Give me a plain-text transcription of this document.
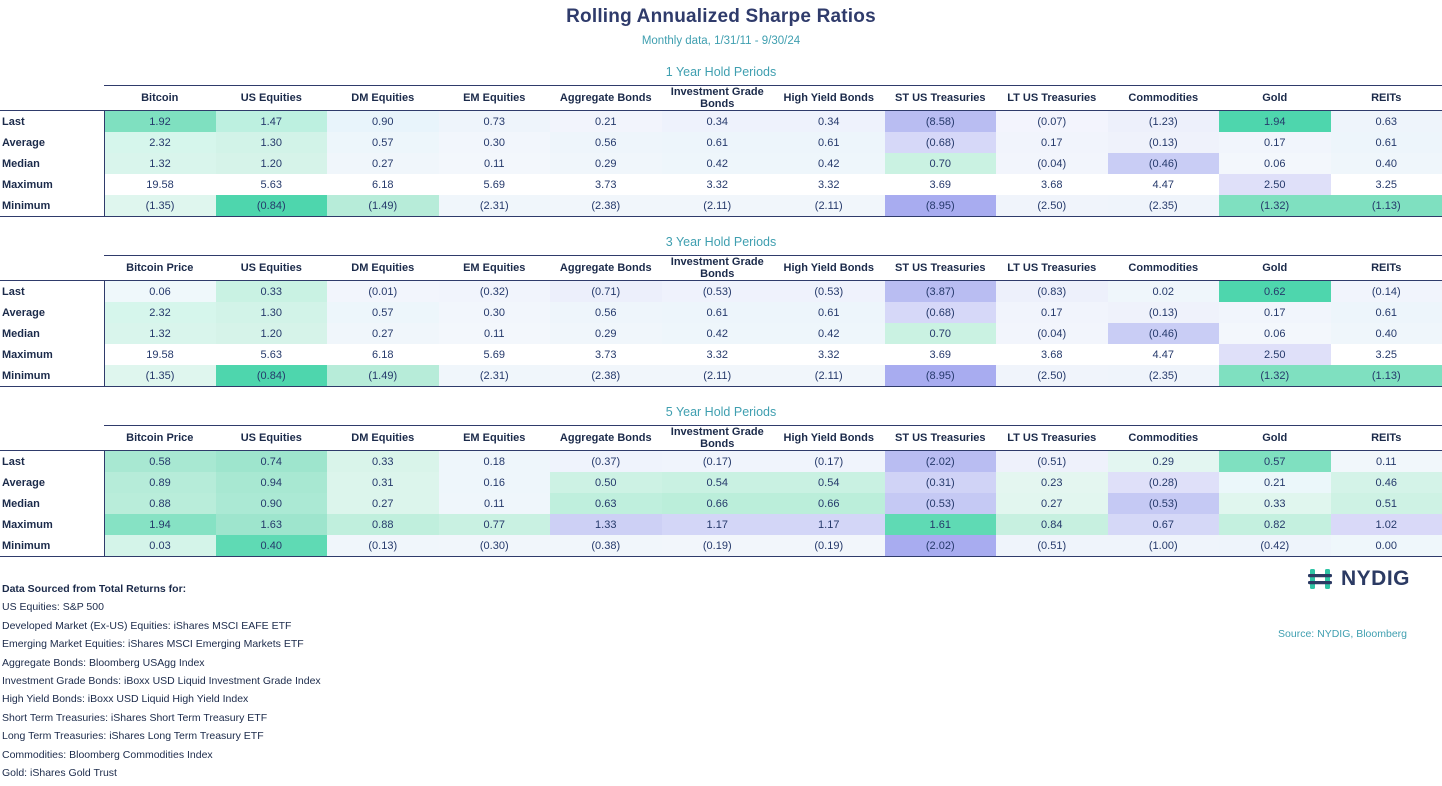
Rolling Annualized Sharpe Ratios
Monthly data, 1/31/11 - 9/30/24
1 Year Hold Periods
	Bitcoin	US Equities	DM Equities	EM Equities	Aggregate Bonds	Investment Grade Bonds	High Yield Bonds	ST US Treasuries	LT US Treasuries	Commodities	Gold	REITs
Last	1.92	1.47	0.90	0.73	0.21	0.34	0.34	(8.58)	(0.07)	(1.23)	1.94	0.63
Average	2.32	1.30	0.57	0.30	0.56	0.61	0.61	(0.68)	0.17	(0.13)	0.17	0.61
Median	1.32	1.20	0.27	0.11	0.29	0.42	0.42	0.70	(0.04)	(0.46)	0.06	0.40
Maximum	19.58	5.63	6.18	5.69	3.73	3.32	3.32	3.69	3.68	4.47	2.50	3.25
Minimum	(1.35)	(0.84)	(1.49)	(2.31)	(2.38)	(2.11)	(2.11)	(8.95)	(2.50)	(2.35)	(1.32)	(1.13)
3 Year Hold Periods
	Bitcoin Price	US Equities	DM Equities	EM Equities	Aggregate Bonds	Investment Grade Bonds	High Yield Bonds	ST US Treasuries	LT US Treasuries	Commodities	Gold	REITs
Last	0.06	0.33	(0.01)	(0.32)	(0.71)	(0.53)	(0.53)	(3.87)	(0.83)	0.02	0.62	(0.14)
Average	2.32	1.30	0.57	0.30	0.56	0.61	0.61	(0.68)	0.17	(0.13)	0.17	0.61
Median	1.32	1.20	0.27	0.11	0.29	0.42	0.42	0.70	(0.04)	(0.46)	0.06	0.40
Maximum	19.58	5.63	6.18	5.69	3.73	3.32	3.32	3.69	3.68	4.47	2.50	3.25
Minimum	(1.35)	(0.84)	(1.49)	(2.31)	(2.38)	(2.11)	(2.11)	(8.95)	(2.50)	(2.35)	(1.32)	(1.13)
5 Year Hold Periods
	Bitcoin Price	US Equities	DM Equities	EM Equities	Aggregate Bonds	Investment Grade Bonds	High Yield Bonds	ST US Treasuries	LT US Treasuries	Commodities	Gold	REITs
Last	0.58	0.74	0.33	0.18	(0.37)	(0.17)	(0.17)	(2.02)	(0.51)	0.29	0.57	0.11
Average	0.89	0.94	0.31	0.16	0.50	0.54	0.54	(0.31)	0.23	(0.28)	0.21	0.46
Median	0.88	0.90	0.27	0.11	0.63	0.66	0.66	(0.53)	0.27	(0.53)	0.33	0.51
Maximum	1.94	1.63	0.88	0.77	1.33	1.17	1.17	1.61	0.84	0.67	0.82	1.02
Minimum	0.03	0.40	(0.13)	(0.30)	(0.38)	(0.19)	(0.19)	(2.02)	(0.51)	(1.00)	(0.42)	0.00
Data Sourced from Total Returns for:
US Equities: S&P 500
Developed Market (Ex-US) Equities: iShares MSCI EAFE ETF
Emerging Market Equities: iShares MSCI Emerging Markets ETF
Aggregate Bonds: Bloomberg USAgg Index
Investment Grade Bonds: iBoxx USD Liquid Investment Grade Index
High Yield Bonds: iBoxx USD Liquid High Yield Index
Short Term Treasuries: iShares Short Term Treasury ETF
Long Term Treasuries: iShares Long Term Treasury ETF
Commodities: Bloomberg Commodities Index
Gold: iShares Gold Trust
NYDIG
Source: NYDIG, Bloomberg
